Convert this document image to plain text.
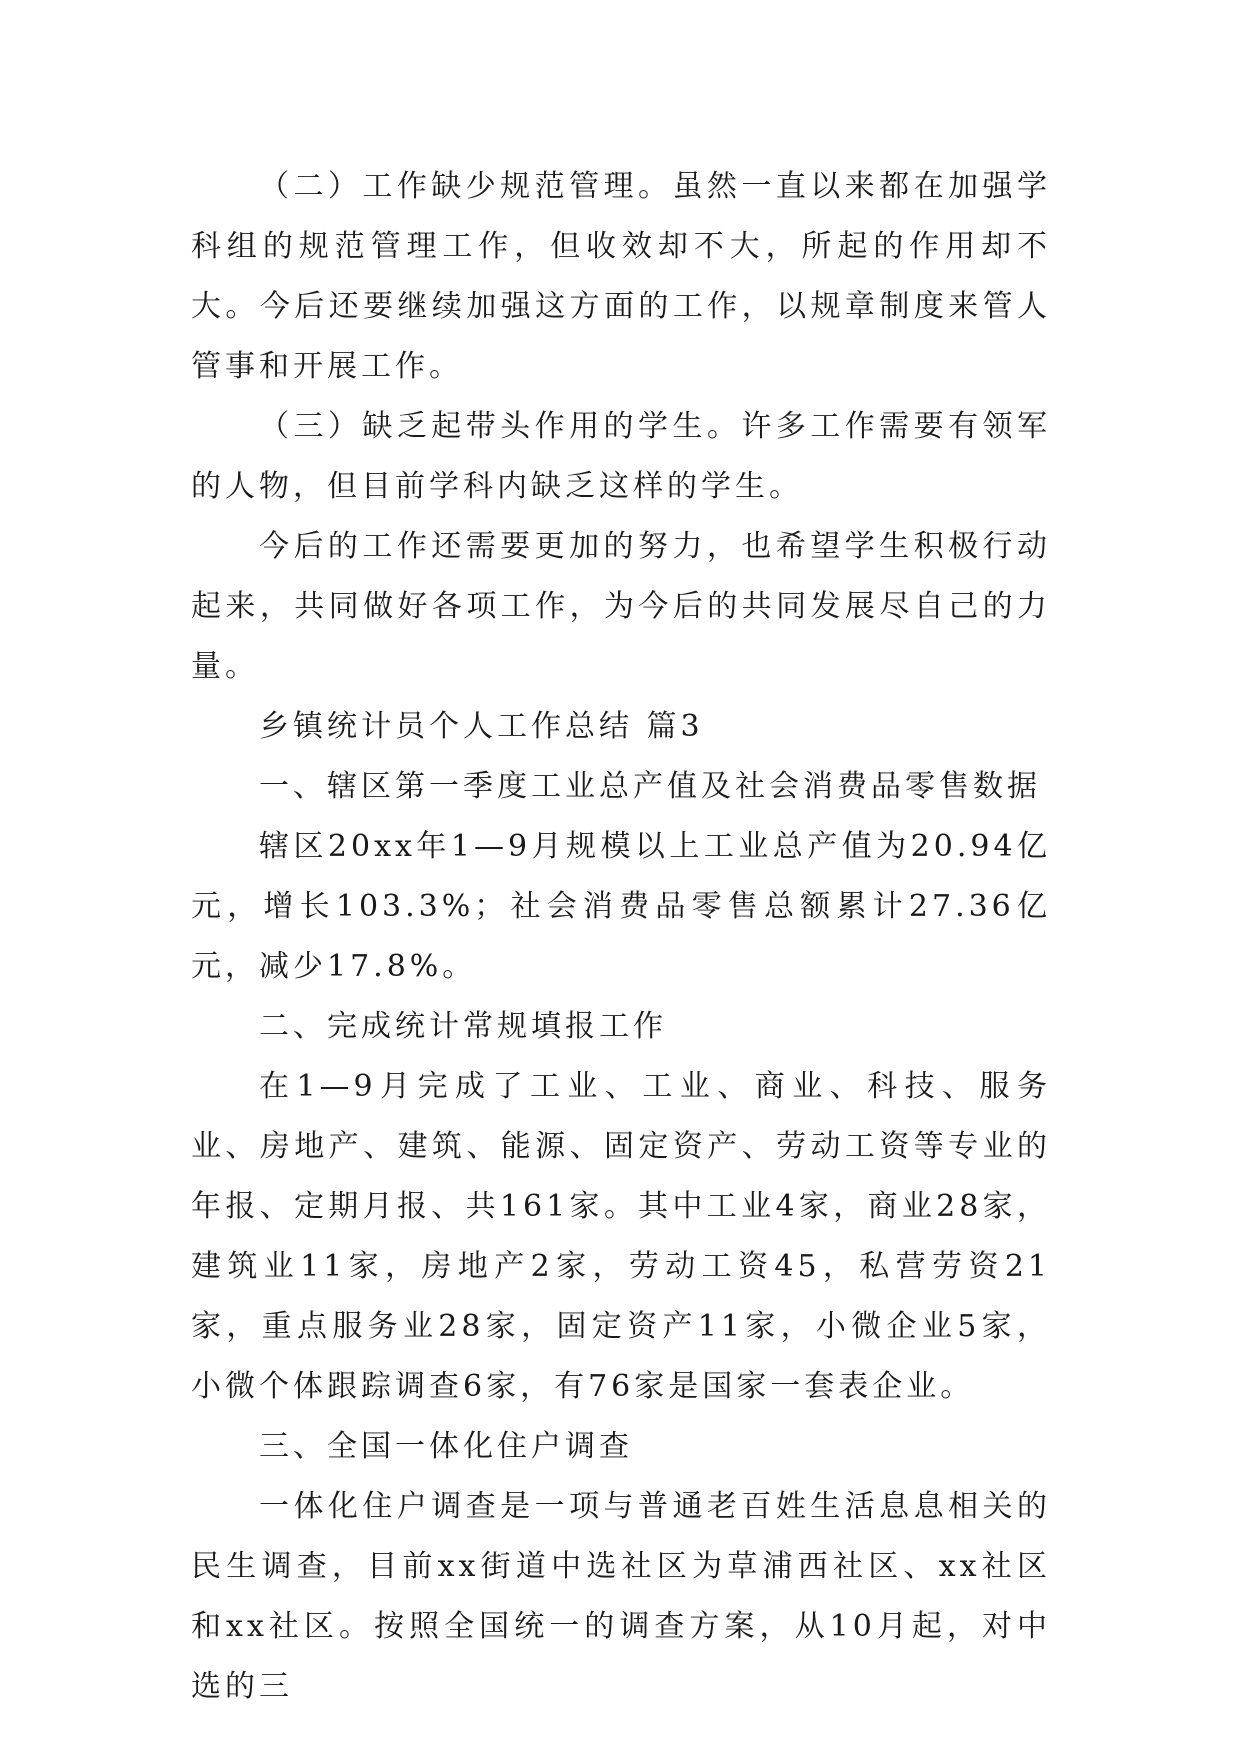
（二）工作缺少规范管理。虽然一直以来都在加强学科组的规范管理工作，但收效却不大，所起的作用却不大。今后还要继续加强这方面的工作，以规章制度来管人管事和开展工作。

（三）缺乏起带头作用的学生。许多工作需要有领军的人物，但目前学科内缺乏这样的学生。

今后的工作还需要更加的努力，也希望学生积极行动起来，共同做好各项工作，为今后的共同发展尽自己的力量。

乡镇统计员个人工作总结 篇3

一、辖区第一季度工业总产值及社会消费品零售数据

辖区20xx年1—9月规模以上工业总产值为20.94亿元，增长103.3%；社会消费品零售总额累计27.36亿元，减少17.8%。

二、完成统计常规填报工作

在1—9月完成了工业、工业、商业、科技、服务业、房地产、建筑、能源、固定资产、劳动工资等专业的年报、定期月报、共161家。其中工业4家，商业28家，建筑业11家，房地产2家，劳动工资45，私营劳资21家，重点服务业28家，固定资产11家，小微企业5家，小微个体跟踪调查6家，有76家是国家一套表企业。

三、全国一体化住户调查

一体化住户调查是一项与普通老百姓生活息息相关的民生调查，目前xx街道中选社区为草浦西社区、xx社区和xx社区。按照全国统一的调查方案，从10月起，对中选的三
